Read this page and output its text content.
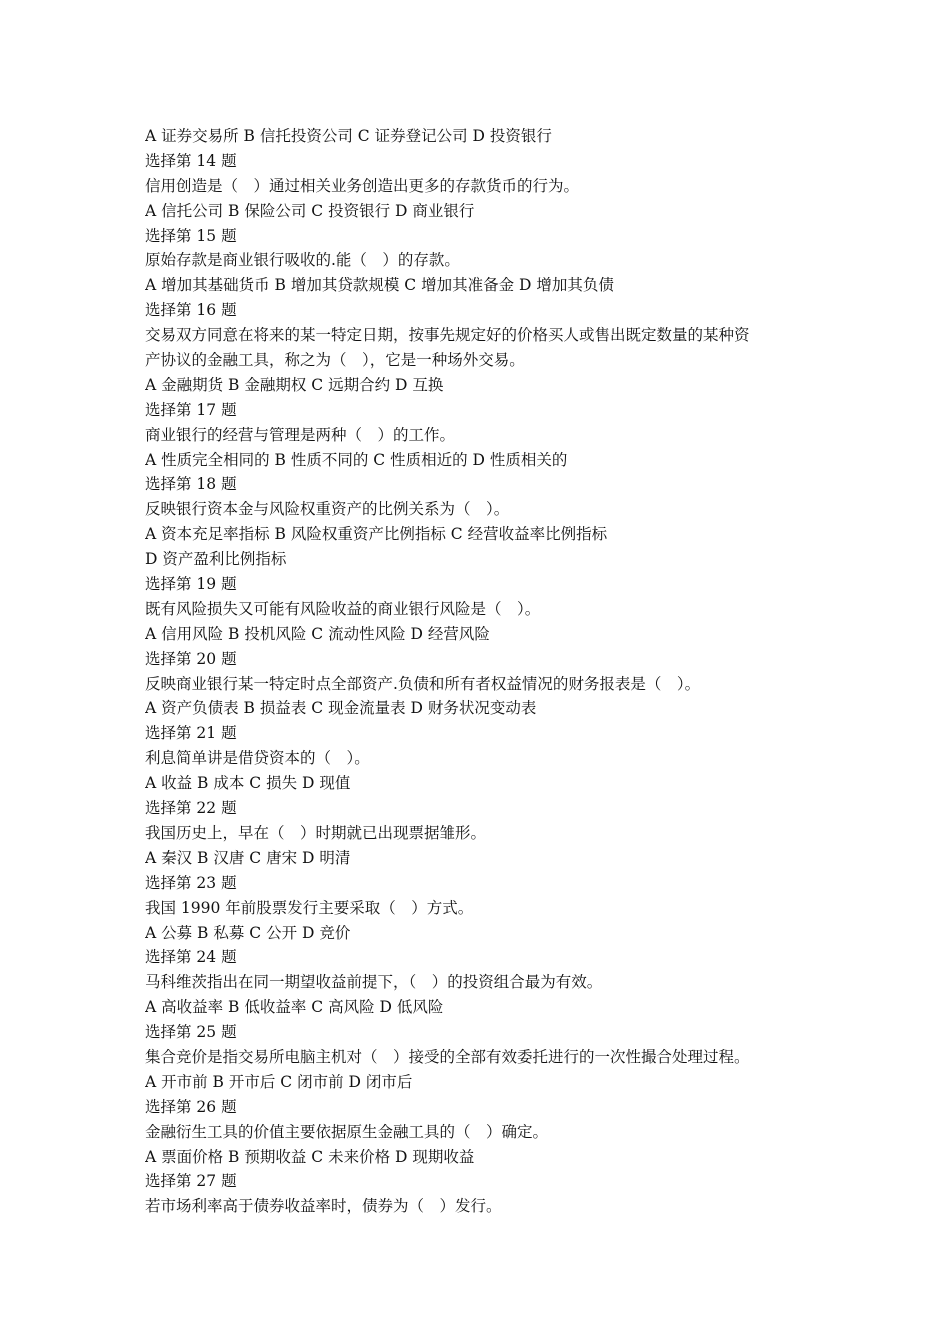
A 证券交易所 B 信托投资公司 C 证券登记公司 D 投资银行
选择第 14 题
信用创造是（　）通过相关业务创造出更多的存款货币的行为。
A 信托公司 B 保险公司 C 投资银行 D 商业银行
选择第 15 题
原始存款是商业银行吸收的.能（　）的存款。
A 增加其基础货币 B 增加其贷款规模 C 增加其准备金 D 增加其负债
选择第 16 题
交易双方同意在将来的某一特定日期，按事先规定好的价格买人或售出既定数量的某种资
产协议的金融工具，称之为（　），它是一种场外交易。
A 金融期货 B 金融期权 C 远期合约 D 互换
选择第 17 题
商业银行的经营与管理是两种（　）的工作。
A 性质完全相同的 B 性质不同的 C 性质相近的 D 性质相关的
选择第 18 题
反映银行资本金与风险权重资产的比例关系为（　）。
A 资本充足率指标 B 风险权重资产比例指标 C 经营收益率比例指标
D 资产盈利比例指标
选择第 19 题
既有风险损失又可能有风险收益的商业银行风险是（　）。
A 信用风险 B 投机风险 C 流动性风险 D 经营风险
选择第 20 题
反映商业银行某一特定时点全部资产.负债和所有者权益情况的财务报表是（　）。
A 资产负债表 B 损益表 C 现金流量表 D 财务状况变动表
选择第 21 题
利息简单讲是借贷资本的（　）。
A 收益 B 成本 C 损失 D 现值
选择第 22 题
我国历史上，早在（　）时期就已出现票据雏形。
A 秦汉 B 汉唐 C 唐宋 D 明清
选择第 23 题
我国 1990 年前股票发行主要采取（　）方式。
A 公募 B 私募 C 公开 D 竞价
选择第 24 题
马科维茨指出在同一期望收益前提下，（　）的投资组合最为有效。
A 高收益率 B 低收益率 C 高风险 D 低风险
选择第 25 题
集合竞价是指交易所电脑主机对（　）接受的全部有效委托进行的一次性撮合处理过程。
A 开市前 B 开市后 C 闭市前 D 闭市后
选择第 26 题
金融衍生工具的价值主要依据原生金融工具的（　）确定。
A 票面价格 B 预期收益 C 未来价格 D 现期收益
选择第 27 题
若市场利率高于债券收益率时，债券为（　）发行。
